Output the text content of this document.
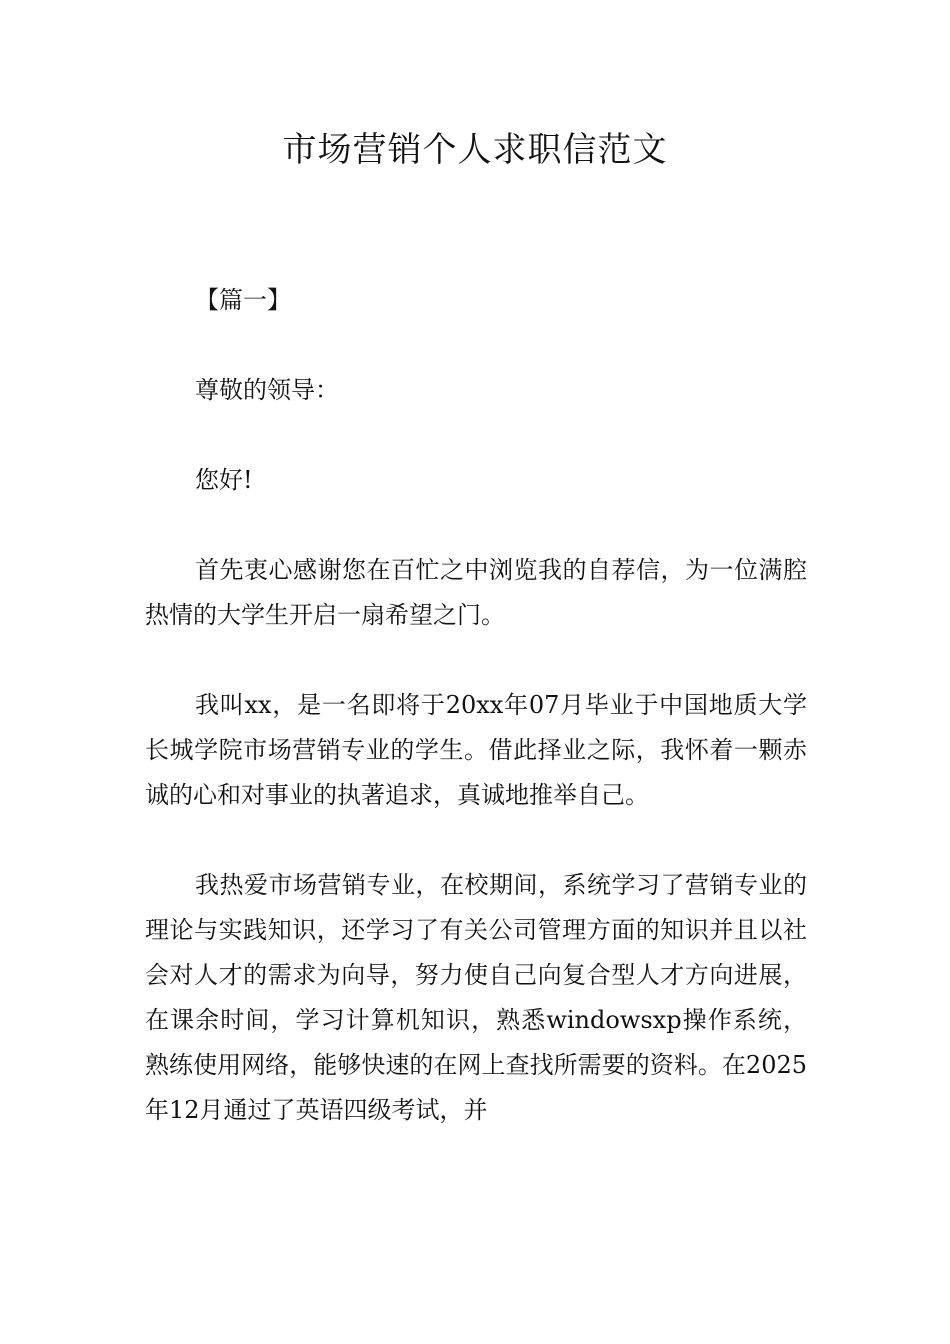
市场营销个人求职信范文

【篇一】

尊敬的领导：

您好!

首先衷心感谢您在百忙之中浏览我的自荐信，为一位满腔热情的大学生开启一扇希望之门。

我叫xx，是一名即将于20xx年07月毕业于中国地质大学长城学院市场营销专业的学生。借此择业之际，我怀着一颗赤诚的心和对事业的执著追求，真诚地推举自己。

我热爱市场营销专业，在校期间，系统学习了营销专业的理论与实践知识，还学习了有关公司管理方面的知识并且以社会对人才的需求为向导，努力使自己向复合型人才方向进展，在课余时间，学习计算机知识，熟悉windowsxp操作系统，熟练使用网络，能够快速的在网上查找所需要的资料。在2025年12月通过了英语四级考试，并
